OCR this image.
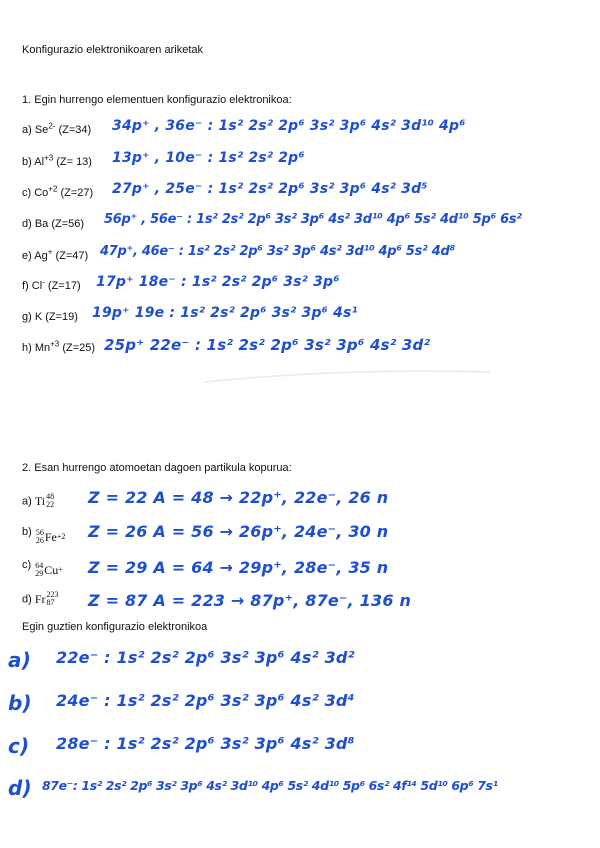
Konfigurazio elektronikoaren ariketak
1. Egin hurrengo elementuen konfigurazio elektronikoa:
a) $Se^{2-}$ (Z=34) 34p⁺ , 36e⁻ : 1s² 2s² 2p⁶ 3s² 3p⁶ 4s² 3d¹⁰ 4p⁶
b) $Al^{+3}$ (Z= 13) 13p⁺ , 10e⁻ : 1s² 2s² 2p⁶
c) $Co^{+2}$ (Z=27) 27p⁺ , 25e⁻ : 1s² 2s² 2p⁶ 3s² 3p⁶ 4s² 3d⁵
d) Ba (Z=56) 56p⁺ , 56e⁻ : 1s² 2s² 2p⁶ 3s² 3p⁶ 4s² 3d¹⁰ 4p⁶ 5s² 4d¹⁰ 5p⁶ 6s²
e) Ag+ (Z=47) 47p⁺, 46e⁻ : 1s² 2s² 2p⁶ 3s² 3p⁶ 4s² 3d¹⁰ 4p⁶ 5s² 4d⁸
f) Cl- (Z=17) 17p⁺ 18e⁻ : 1s² 2s² 2p⁶ 3s² 3p⁶
g) K (Z=19) 19p⁺ 19e : 1s² 2s² 2p⁶ 3s² 3p⁶ 4s¹
h) $Mn^{+3}$ (Z=25) 25p⁺ 22e⁻ : 1s² 2s² 2p⁶ 3s² 3p⁶ 4s² 3d²
2. Esan hurrengo atomoetan dagoen partikula kopurua:
a) Ti 48
22 Z = 22 A = 48 → 22p⁺, 22e⁻, 26 n
b) 56
26 Fe +2 Z = 26 A = 56 → 26p⁺, 24e⁻, 30 n
c) 64
29 Cu + Z = 29 A = 64 → 29p⁺, 28e⁻, 35 n
d) Fr 223
87 Z = 87 A = 223 → 87p⁺, 87e⁻, 136 n
Egin guztien konfigurazio elektronikoa
a) 22e⁻ : 1s² 2s² 2p⁶ 3s² 3p⁶ 4s² 3d²
b) 24e⁻ : 1s² 2s² 2p⁶ 3s² 3p⁶ 4s² 3d⁴
c) 28e⁻ : 1s² 2s² 2p⁶ 3s² 3p⁶ 4s² 3d⁸
d) 87e⁻: 1s² 2s² 2p⁶ 3s² 3p⁶ 4s² 3d¹⁰ 4p⁶ 5s² 4d¹⁰ 5p⁶ 6s² 4f¹⁴ 5d¹⁰ 6p⁶ 7s¹
